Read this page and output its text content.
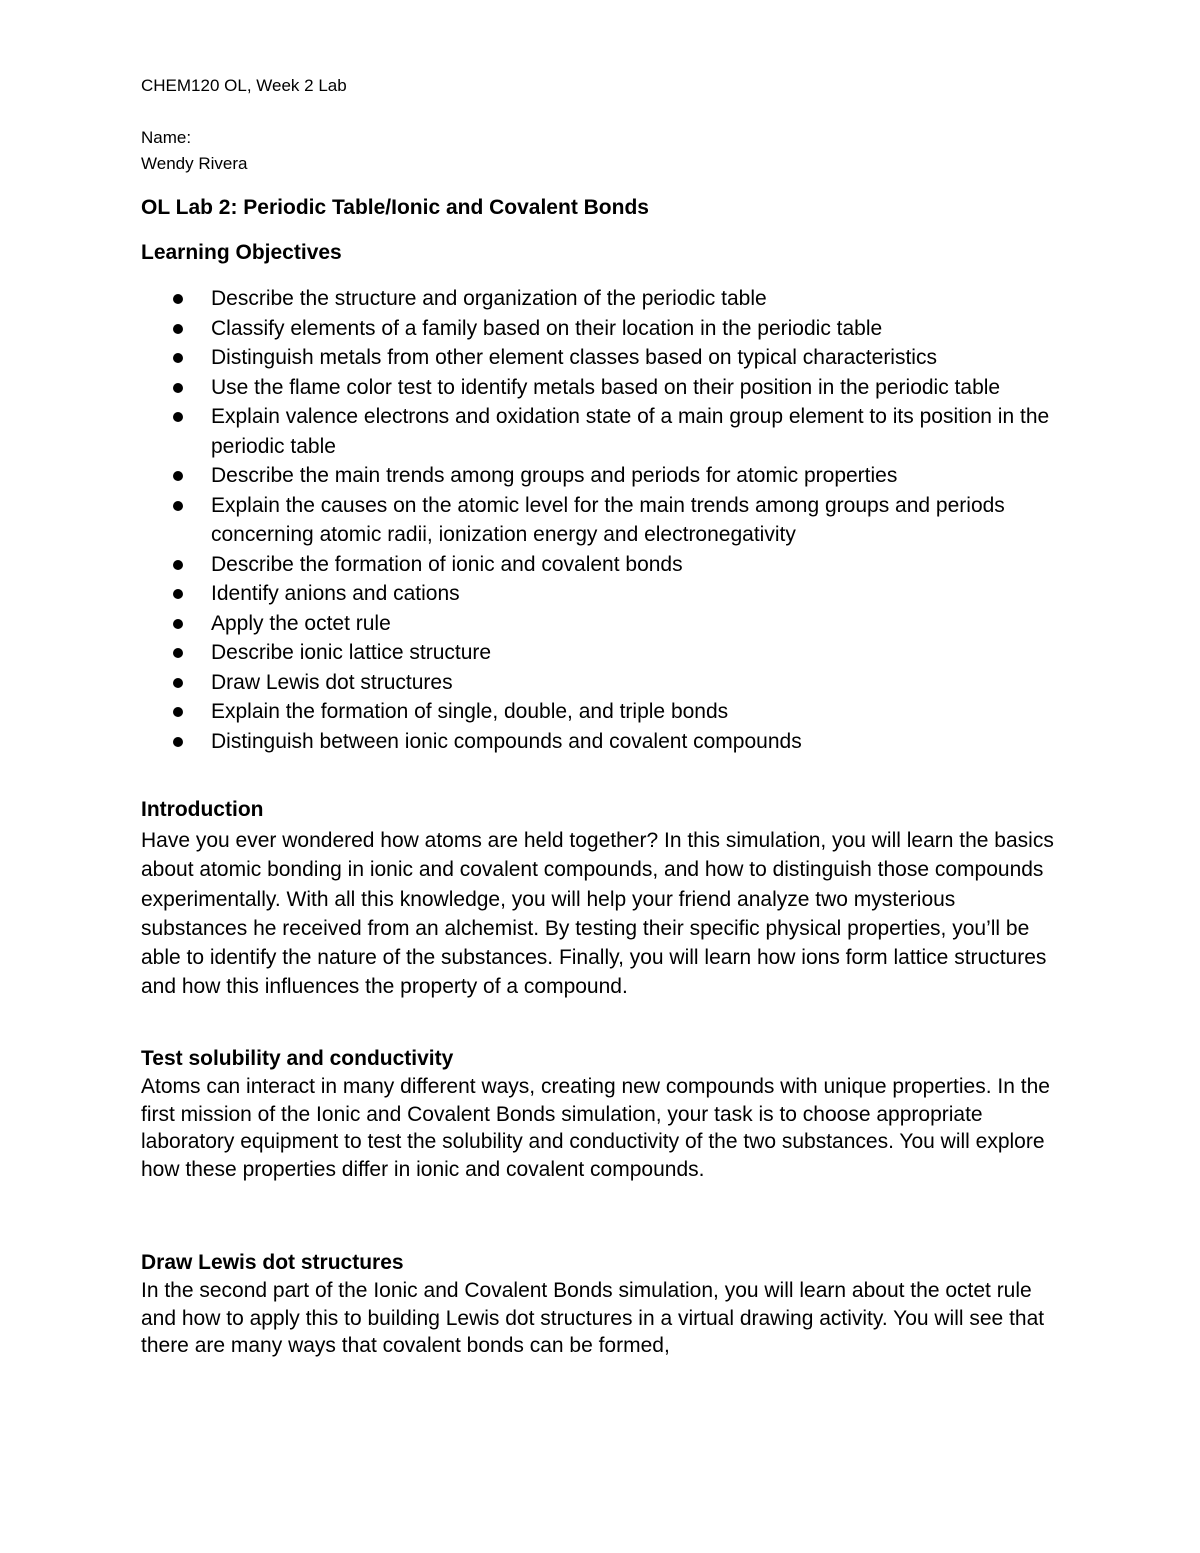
CHEM120 OL, Week 2 Lab
Name:
Wendy Rivera
OL Lab 2: Periodic Table/Ionic and Covalent Bonds
Learning Objectives
Describe the structure and organization of the periodic table
Classify elements of a family based on their location in the periodic table
Distinguish metals from other element classes based on typical characteristics
Use the flame color test to identify metals based on their position in the periodic table
Explain valence electrons and oxidation state of a main group element to its position in the periodic table
Describe the main trends among groups and periods for atomic properties
Explain the causes on the atomic level for the main trends among groups and periods concerning atomic radii, ionization energy and electronegativity
Describe the formation of ionic and covalent bonds
Identify anions and cations
Apply the octet rule
Describe ionic lattice structure
Draw Lewis dot structures
Explain the formation of single, double, and triple bonds
Distinguish between ionic compounds and covalent compounds
Introduction

Have you ever wondered how atoms are held together? In this simulation, you will learn the basics about atomic bonding in ionic and covalent compounds, and how to distinguish those compounds experimentally. With all this knowledge, you will help your friend analyze two mysterious substances he received from an alchemist. By testing their specific physical properties, you’ll be able to identify the nature of the substances. Finally, you will learn how ions form lattice structures and how this influences the property of a compound.

Test solubility and conductivity

Atoms can interact in many different ways, creating new compounds with unique properties. In the first mission of the Ionic and Covalent Bonds simulation, your task is to choose appropriate laboratory equipment to test the solubility and conductivity of the two substances. You will explore how these properties differ in ionic and covalent compounds.

Draw Lewis dot structures

In the second part of the Ionic and Covalent Bonds simulation, you will learn about the octet rule and how to apply this to building Lewis dot structures in a virtual drawing activity. You will see that there are many ways that covalent bonds can be formed,
